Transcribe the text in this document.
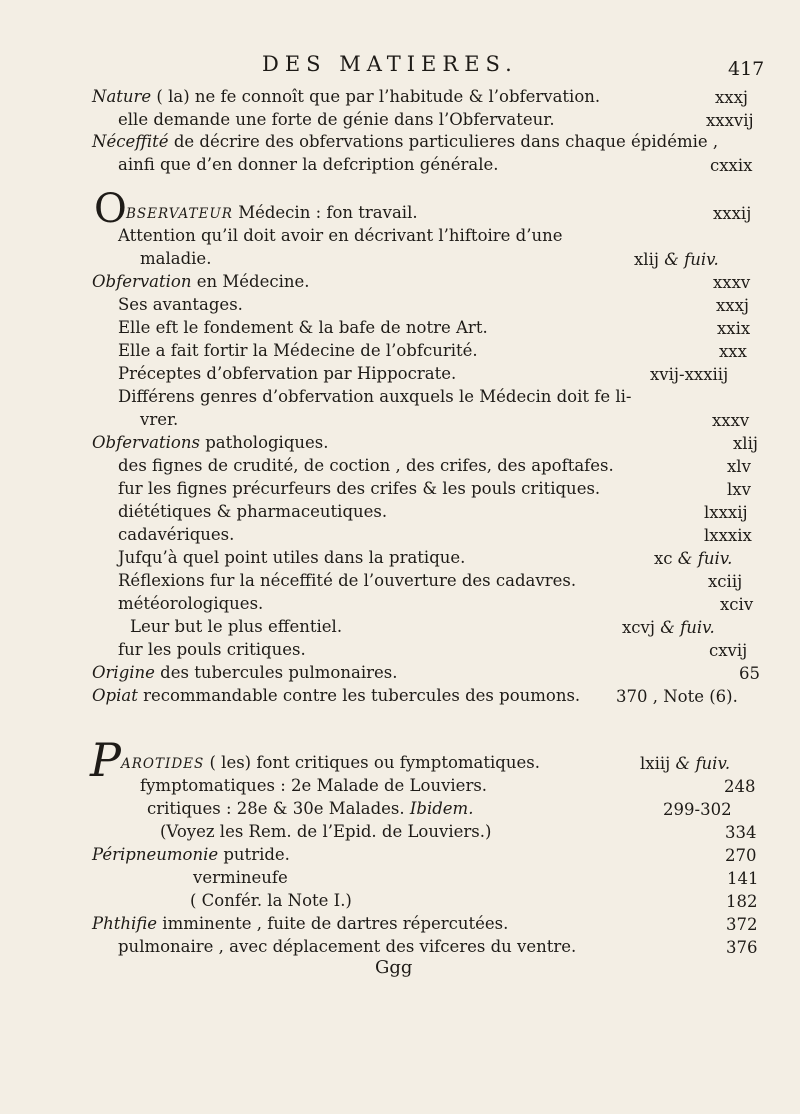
DES MATIERES.	417
Nature ( la) ne fe connoît que par l’habitude & l’obfervation.	xxxj
elle demande une forte de génie dans l’Obfervateur.	xxxvij
Néceffité de décrire des obfervations particulieres dans chaque épidémie ,
ainfi que d’en donner la defcription générale.	cxxix
O BSERVATEUR Médecin : fon travail.	xxxij
Attention qu’il doit avoir en décrivant l’hiftoire d’une
maladie.	xlij & fuiv.
Obfervation en Médecine.	xxxv
Ses avantages.	xxxj
Elle eft le fondement & la bafe de notre Art.	xxix
Elle a fait fortir la Médecine de l’obfcurité.	xxx
Préceptes d’obfervation par Hippocrate.	xvij-xxxiij
Différens genres d’obfervation auxquels le Médecin doit fe li-
vrer.	xxxv
Obfervations pathologiques.	xlij
des fignes de crudité, de coction , des crifes, des apoftafes.	xlv
fur les fignes précurfeurs des crifes & les pouls critiques.	lxv
diététiques & pharmaceutiques.	lxxxij
cadavériques.	lxxxix
Jufqu’à quel point utiles dans la pratique.	xc & fuiv.
Réflexions fur la néceffité de l’ouverture des cadavres.	xciij
météorologiques.	xciv
Leur but le plus effentiel.	xcvj & fuiv.
fur les pouls critiques.	cxvij
Origine des tubercules pulmonaires.	65
Opiat recommandable contre les tubercules des poumons. 370 , Note (6).
P AROTIDES ( les) font critiques ou fymptomatiques.	lxiij & fuiv.
fymptomatiques : 2e Malade de Louviers.	248
critiques : 28e & 30e Malades. Ibidem.	299-302
(Voyez les Rem. de l’Epid. de Louviers.)	334
Péripneumonie putride.	270
vermineufe	141
( Confér. la Note I.)	182
Phthifie imminente , fuite de dartres répercutées.	372
pulmonaire , avec déplacement des vifceres du ventre.	376
Ggg
